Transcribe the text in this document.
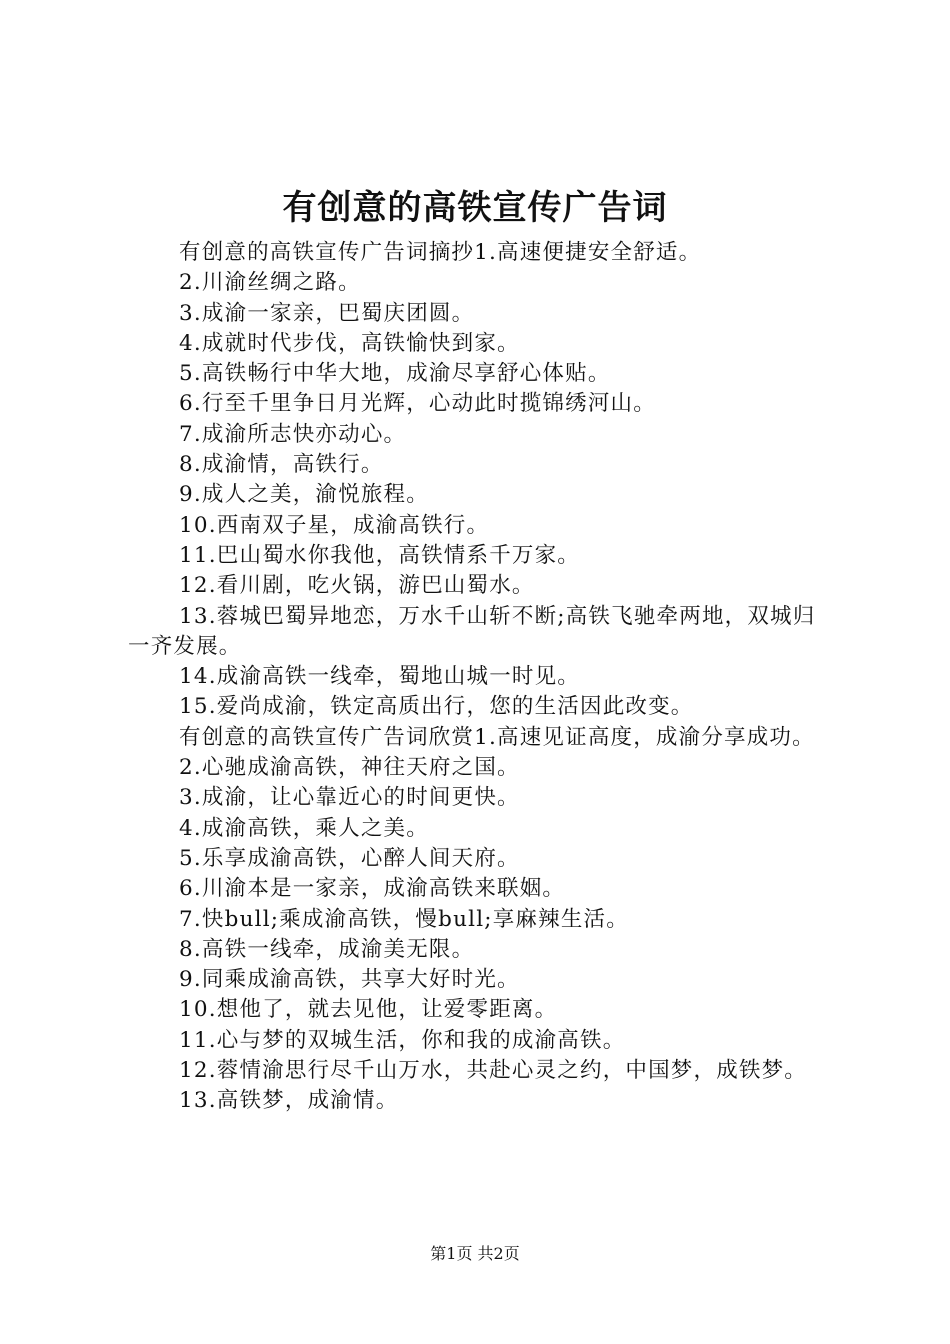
有创意的高铁宣传广告词

有创意的高铁宣传广告词摘抄1.高速便捷安全舒适。

2.川渝丝绸之路。

3.成渝一家亲，巴蜀庆团圆。

4.成就时代步伐，高铁愉快到家。

5.高铁畅行中华大地，成渝尽享舒心体贴。

6.行至千里争日月光辉，心动此时揽锦绣河山。

7.成渝所志快亦动心。

8.成渝情，高铁行。

9.成人之美，渝悦旅程。

10.西南双子星，成渝高铁行。

11.巴山蜀水你我他，高铁情系千万家。

12.看川剧，吃火锅，游巴山蜀水。

13.蓉城巴蜀异地恋，万水千山斩不断;高铁飞驰牵两地，双城归一齐发展。

14.成渝高铁一线牵，蜀地山城一时见。

15.爱尚成渝，铁定高质出行，您的生活因此改变。

有创意的高铁宣传广告词欣赏1.高速见证高度，成渝分享成功。

2.心驰成渝高铁，神往天府之国。

3.成渝，让心靠近心的时间更快。

4.成渝高铁，乘人之美。

5.乐享成渝高铁，心醉人间天府。

6.川渝本是一家亲，成渝高铁来联姻。

7.快bull;乘成渝高铁，慢bull;享麻辣生活。

8.高铁一线牵，成渝美无限。

9.同乘成渝高铁，共享大好时光。

10.想他了，就去见他，让爱零距离。

11.心与梦的双城生活，你和我的成渝高铁。

12.蓉情渝思行尽千山万水，共赴心灵之约，中国梦，成铁梦。

13.高铁梦，成渝情。

第1页 共2页
